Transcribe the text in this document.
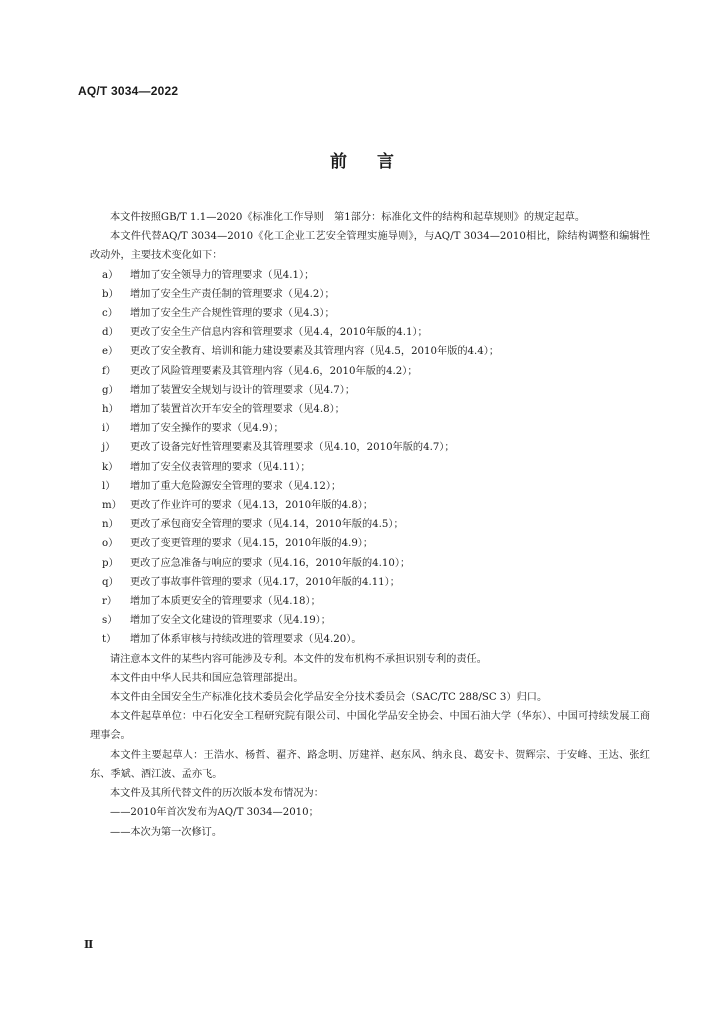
AQ/T 3034—2022
前言

本文件按照GB/T 1.1—2020《标准化工作导则　第1部分：标准化文件的结构和起草规则》的规定起草。

本文件代替AQ/T 3034—2010《化工企业工艺安全管理实施导则》，与AQ/T 3034—2010相比，除结构调整和编辑性改动外，主要技术变化如下：

a）	增加了安全领导力的管理要求（见4.1）；
b）	增加了安全生产责任制的管理要求（见4.2）；
c）	增加了安全生产合规性管理的要求（见4.3）；
d）	更改了安全生产信息内容和管理要求（见4.4，2010年版的4.1）；
e）	更改了安全教育、培训和能力建设要素及其管理内容（见4.5，2010年版的4.4）；
f）	更改了风险管理要素及其管理内容（见4.6，2010年版的4.2）；
g）	增加了装置安全规划与设计的管理要求（见4.7）；
h）	增加了装置首次开车安全的管理要求（见4.8）；
i）	增加了安全操作的要求（见4.9）；
j）	更改了设备完好性管理要素及其管理要求（见4.10，2010年版的4.7）；
k）	增加了安全仪表管理的要求（见4.11）；
l）	增加了重大危险源安全管理的要求（见4.12）；
m） 更改了作业许可的要求（见4.13，2010年版的4.8）；
n）	更改了承包商安全管理的要求（见4.14，2010年版的4.5）；
o）	更改了变更管理的要求（见4.15，2010年版的4.9）；
p）	更改了应急准备与响应的要求（见4.16，2010年版的4.10）；
q）	更改了事故事件管理的要求（见4.17，2010年版的4.11）；
r）	增加了本质更安全的管理要求（见4.18）；
s）	增加了安全文化建设的管理要求（见4.19）；
t）	增加了体系审核与持续改进的管理要求（见4.20）。

请注意本文件的某些内容可能涉及专利。本文件的发布机构不承担识别专利的责任。

本文件由中华人民共和国应急管理部提出。

本文件由全国安全生产标准化技术委员会化学品安全分技术委员会（SAC/TC 288/SC 3）归口。

本文件起草单位：中石化安全工程研究院有限公司、中国化学品安全协会、中国石油大学（华东）、中国可持续发展工商理事会。

本文件主要起草人：王浩水、杨哲、翟齐、路念明、厉建祥、赵东风、纳永良、葛安卡、贺辉宗、于安峰、王达、张红东、季斌、酒江波、孟亦飞。

本文件及其所代替文件的历次版本发布情况为：

——2010年首次发布为AQ/T 3034—2010；

——本次为第一次修订。

Ⅱ
